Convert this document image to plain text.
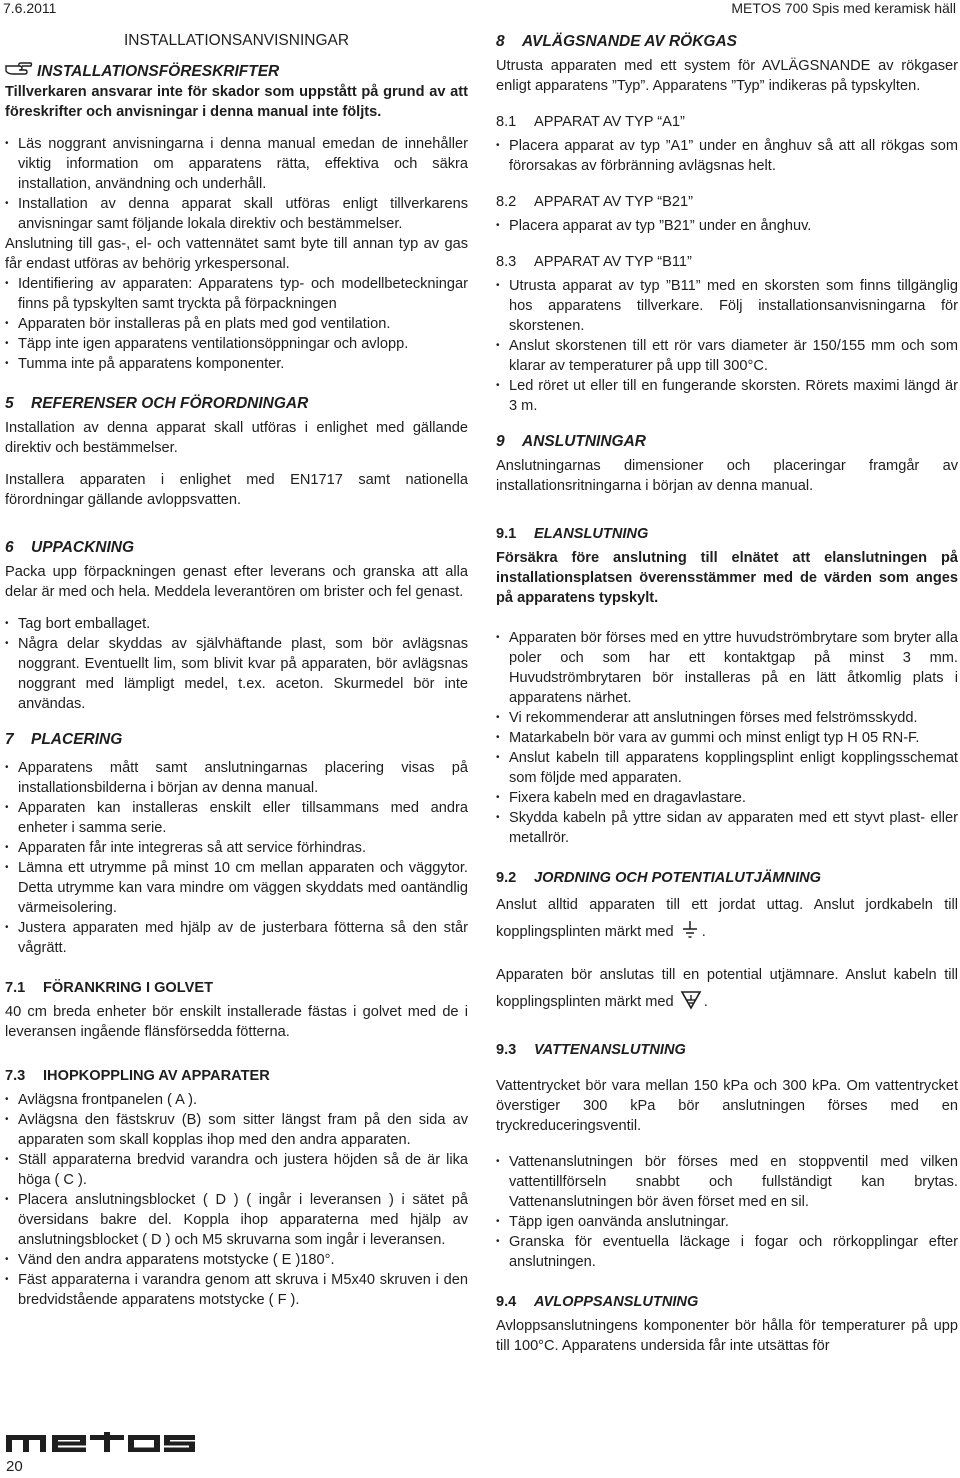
7.6.2011	METOS 700 Spis med keramisk häll
INSTALLATIONSANVISNINGAR
INSTALLATIONSFÖRESKRIFTER

Tillverkaren ansvarar inte för skador som uppstått på grund av att föreskrifter och anvisningar i denna manual inte följts.

• Läs noggrant anvisningarna i denna manual emedan de innehåller viktig information om apparatens rätta, effektiva och säkra installation, användning och underhåll.
• Installation av denna apparat skall utföras enligt tillverkarens anvisningar samt följande lokala direktiv och bestämmelser.

Anslutning till gas-, el- och vattennätet samt byte till annan typ av gas får endast utföras av behörig yrkespersonal.

• Identifiering av apparaten: Apparatens typ- och modellbeteckningar finns på typskylten samt tryckta på förpackningen
• Apparaten bör installeras på en plats med god ventilation.
• Täpp inte igen apparatens ventilationsöppningar och avlopp.
• Tumma inte på apparatens komponenter.
5 REFERENSER OCH FÖRORDNINGAR

Installation av denna apparat skall utföras i enlighet med gällande direktiv och bestämmelser.

Installera apparaten i enlighet med EN1717 samt nationella förordningar gällande avloppsvatten.

6 UPPACKNING

Packa upp förpackningen genast efter leverans och granska att alla delar är med och hela. Meddela leverantören om brister och fel genast.

• Tag bort emballaget.
• Några delar skyddas av självhäftande plast, som bör avlägsnas noggrant. Eventuellt lim, som blivit kvar på apparaten, bör avlägsnas noggrant med lämpligt medel, t.ex. aceton. Skurmedel bör inte användas.
7 PLACERING
• Apparatens mått samt anslutningarnas placering visas på installationsbilderna i början av denna manual.
• Apparaten kan installeras enskilt eller tillsammans med andra enheter i samma serie.
• Apparaten får inte integreras så att service förhindras.
• Lämna ett utrymme på minst 10 cm mellan apparaten och väggytor. Detta utrymme kan vara mindre om väggen skyddats med oantändlig värmeisolering.
• Justera apparaten med hjälp av de justerbara fötterna så den står vågrätt.
7.1 FÖRANKRING I GOLVET

40 cm breda enheter bör enskilt installerade fästas i golvet med de i leveransen ingående flänsförsedda fötterna.

7.3 IHOPKOPPLING AV APPARATER
• Avlägsna frontpanelen ( A ).
• Avlägsna den fästskruv (B) som sitter längst fram på den sida av apparaten som skall kopplas ihop med den andra apparaten.
• Ställ apparaterna bredvid varandra och justera höjden så de är lika höga ( C ).
• Placera anslutningsblocket ( D ) ( ingår i leveransen ) i sätet på översidans bakre del. Koppla ihop apparaterna med hjälp av anslutningsblocket ( D ) och M5 skruvarna som ingår i leveransen.
• Vänd den andra apparatens motstycke ( E )180°.
• Fäst apparaterna i varandra genom att skruva i M5x40 skruven i den bredvidstående apparatens motstycke ( F ).
8 AVLÄGSNANDE AV RÖKGAS

Utrusta apparaten med ett system för AVLÄGSNANDE av rökgaser enligt apparatens ”Typ”. Apparatens ”Typ” indikeras på typskylten.

8.1 APPARAT AV TYP “A1”
• Placera apparat av typ ”A1” under en ånghuv så att all rökgas som förorsakas av förbränning avlägsnas helt.
8.2 APPARAT AV TYP “B21”
• Placera apparat av typ ”B21” under en ånghuv.
8.3 APPARAT AV TYP “B11”
• Utrusta apparat av typ ”B11” med en skorsten som finns tillgänglig hos apparatens tillverkare. Följ installationsanvisningarna för skorstenen.
• Anslut skorstenen till ett rör vars diameter är 150/155 mm och som klarar av temperaturer på upp till 300°C.
• Led röret ut eller till en fungerande skorsten. Rörets maximi längd är 3 m.
9 ANSLUTNINGAR

Anslutningarnas dimensioner och placeringar framgår av installationsritningarna i början av denna manual.

9.1 ELANSLUTNING

Försäkra före anslutning till elnätet att elanslutningen på installationsplatsen överensstämmer med de värden som anges på apparatens typskylt.

• Apparaten bör förses med en yttre huvudströmbrytare som bryter alla poler och som har ett kontaktgap på minst 3 mm. Huvudströmbrytaren bör installeras på en lätt åtkomlig plats i apparatens närhet.
• Vi rekommenderar att anslutningen förses med felströmsskydd.
• Matarkabeln bör vara av gummi och minst enligt typ H 05 RN-F.
• Anslut kabeln till apparatens kopplingsplint enligt kopplingsschemat som följde med apparaten.
• Fixera kabeln med en dragavlastare.
• Skydda kabeln på yttre sidan av apparaten med ett styvt plast- eller metallrör.
9.2 JORDNING OCH POTENTIALUTJÄMNING

Anslut alltid apparaten till ett jordat uttag. Anslut jordkabeln till kopplingsplinten märkt med .

Apparaten bör anslutas till en potential utjämnare. Anslut kabeln till kopplingsplinten märkt med .

9.3 VATTENANSLUTNING

Vattentrycket bör vara mellan 150 kPa och 300 kPa. Om vattentrycket överstiger 300 kPa bör anslutningen förses med en tryckreduceringsventil.

• Vattenanslutningen bör förses med en stoppventil med vilken vattentillförseln snabbt och fullständigt kan brytas. Vattenanslutningen bör även förset med en sil.
• Täpp igen oanvända anslutningar.
• Granska för eventuella läckage i fogar och rörkopplingar efter anslutningen.
9.4 AVLOPPSANSLUTNING

Avloppsanslutningens komponenter bör hålla för temperaturer på upp till 100°C. Apparatens undersida får inte utsättas för

20
